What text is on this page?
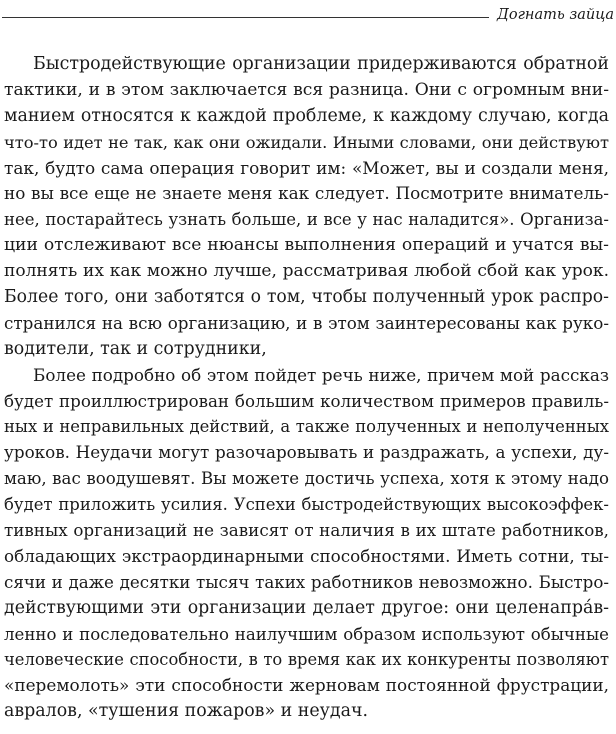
Догнать зайца
Быстродействующие организации придерживаются обратной
тактики, и в этом заключается вся разница. Они с огромным вни-
манием относятся к каждой проблеме, к каждому случаю, когда
что-то идет не так, как они ожидали. Иными словами, они действуют
так, будто сама операция говорит им: «Может, вы и создали меня,
но вы все еще не знаете меня как следует. Посмотрите вниматель-
нее, постарайтесь узнать больше, и все у нас наладится». Организа-
ции отслеживают все нюансы выполнения операций и учатся вы-
полнять их как можно лучше, рассматривая любой сбой как урок.
Более того, они заботятся о том, чтобы полученный урок распро-
странился на всю организацию, и в этом заинтересованы как руко-
водители, так и сотрудники,
Более подробно об этом пойдет речь ниже, причем мой рассказ
будет проиллюстрирован большим количеством примеров правиль-
ных и неправильных действий, а также полученных и неполученных
уроков. Неудачи могут разочаровывать и раздражать, а успехи, ду-
маю, вас воодушевят. Вы можете достичь успеха, хотя к этому надо
будет приложить усилия. Успехи быстродействующих высокоэффек-
тивных организаций не зависят от наличия в их штате работников,
обладающих экстраординарными способностями. Иметь сотни, ты-
сячи и даже десятки тысяч таких работников невозможно. Быстро-
действующими эти организации делает другое: они целенапрáв-
ленно и последовательно наилучшим образом используют обычные
человеческие способности, в то время как их конкуренты позволяют
«перемолоть» эти способности жерновам постоянной фрустрации,
авралов, «тушения пожаров» и неудач.
